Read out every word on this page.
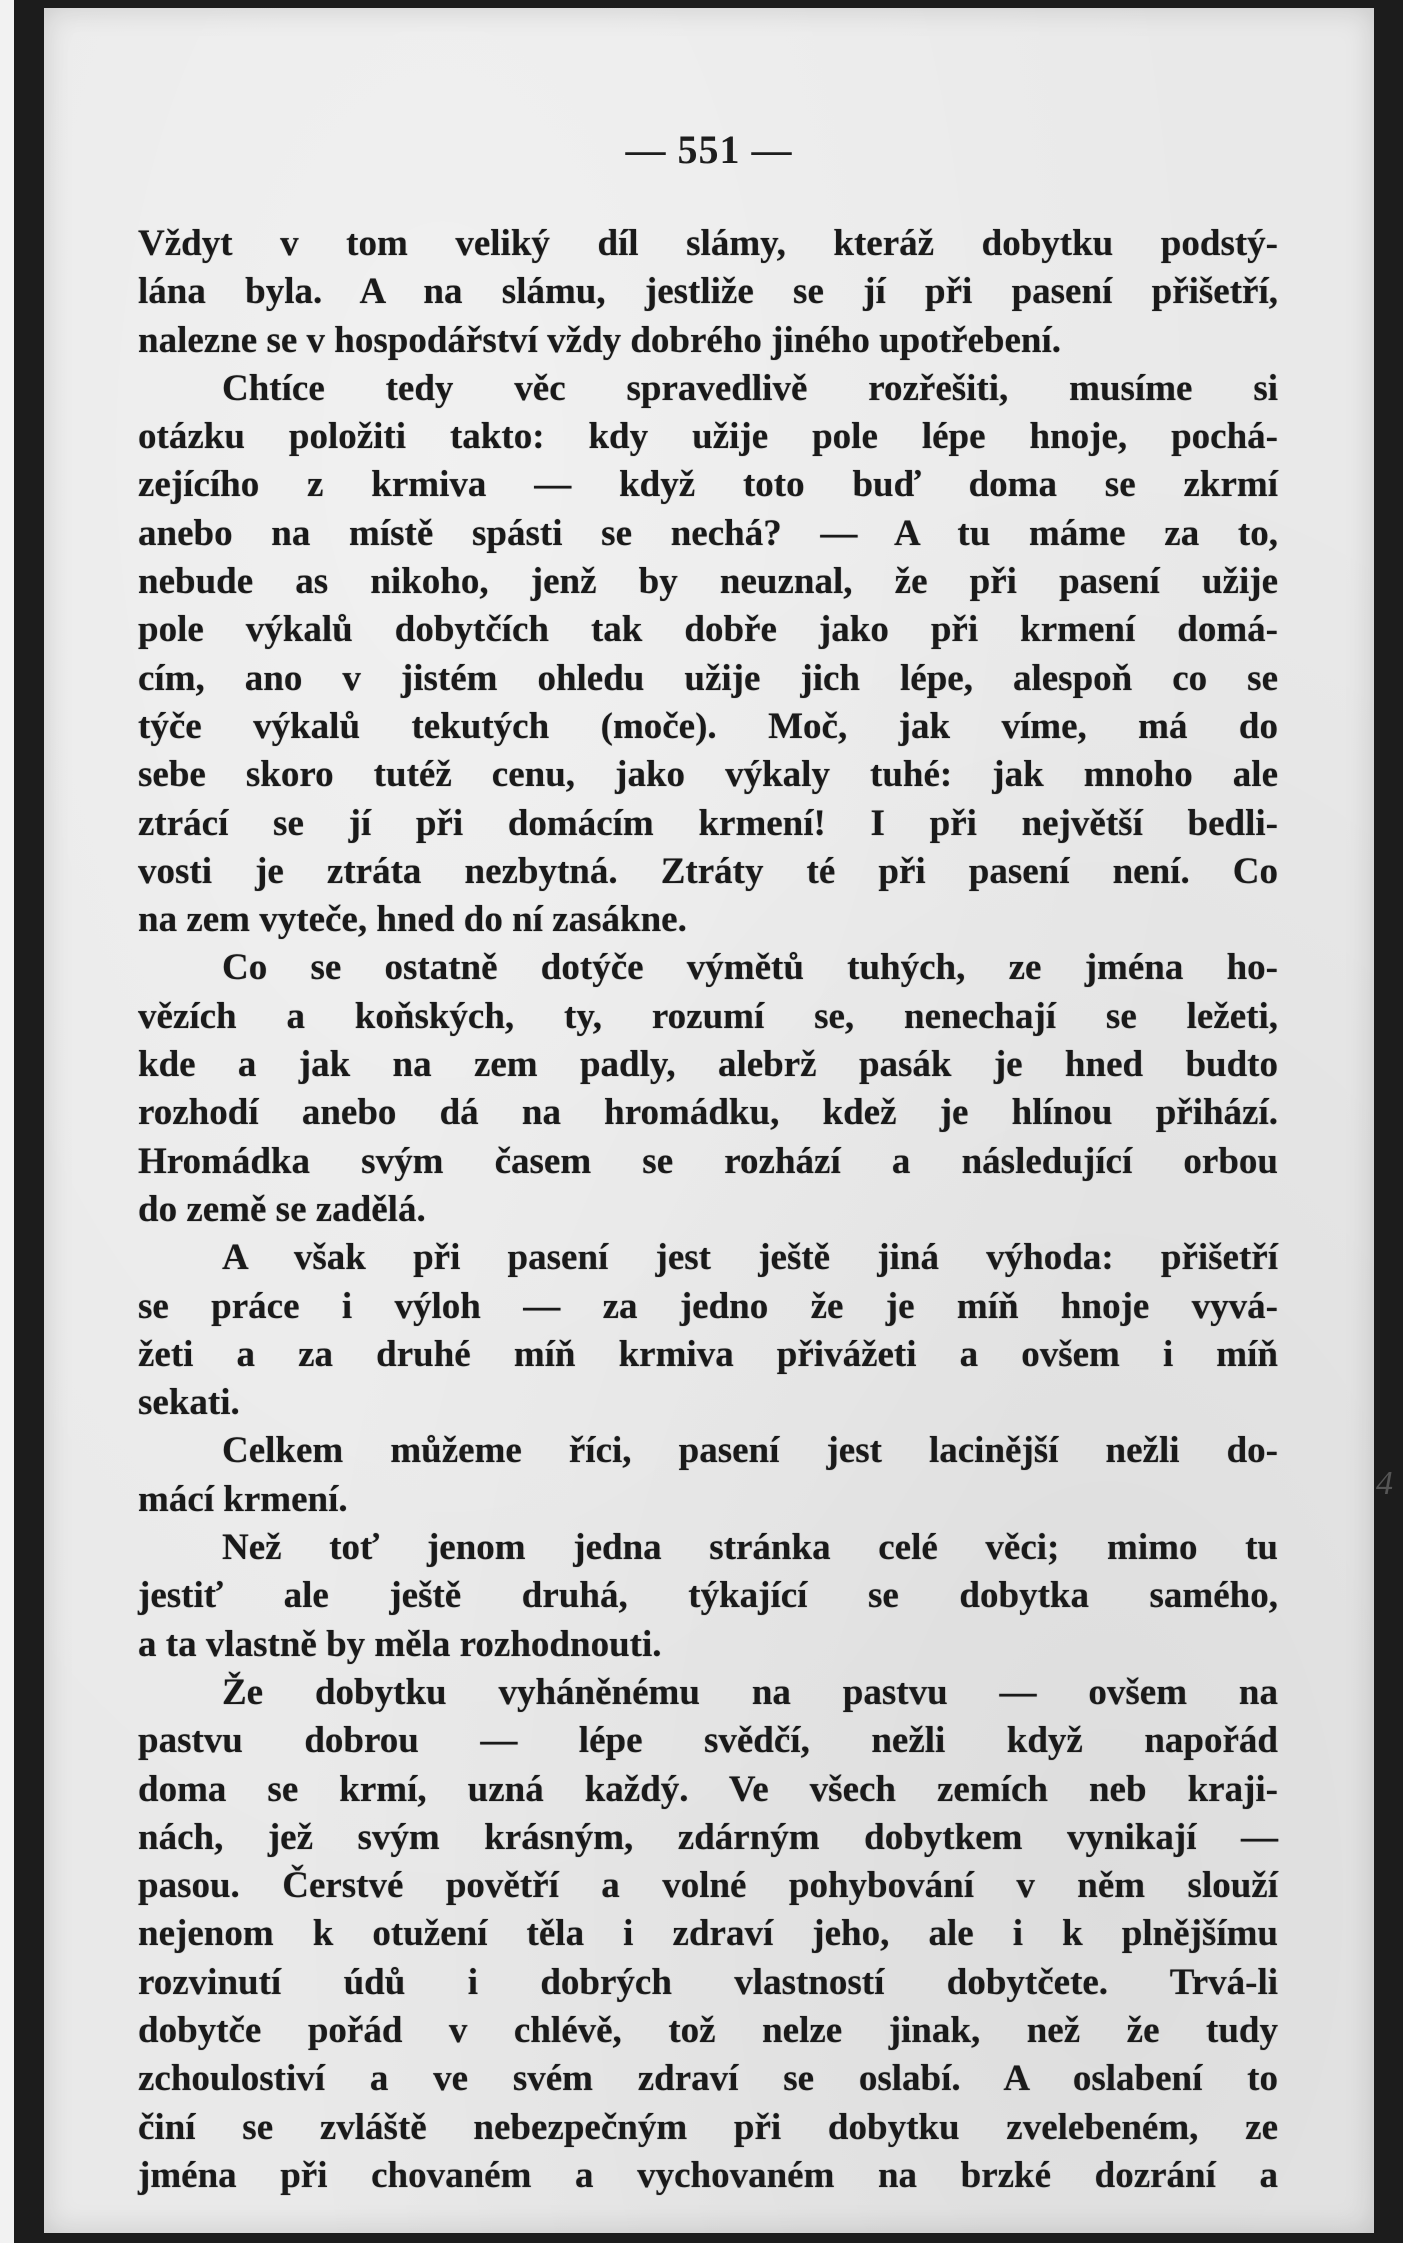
— 551 —
Vždyt v tom veliký díl slámy, kteráž dobytku podstý-
lána byla. A na slámu, jestliže se jí při pasení přišetří,
nalezne se v hospodářství vždy dobrého jiného upotřebení.
Chtíce tedy věc spravedlivě rozřešiti, musíme si
otázku položiti takto: kdy užije pole lépe hnoje, pochá-
zejícího z krmiva — když toto buď doma se zkrmí
anebo na místě spásti se nechá? — A tu máme za to,
nebude as nikoho, jenž by neuznal, že při pasení užije
pole výkalů dobytčích tak dobře jako při krmení domá-
cím, ano v jistém ohledu užije jich lépe, alespoň co se
týče výkalů tekutých (moče). Moč, jak víme, má do
sebe skoro tutéž cenu, jako výkaly tuhé: jak mnoho ale
ztrácí se jí při domácím krmení! I při největší bedli-
vosti je ztráta nezbytná. Ztráty té při pasení není. Co
na zem vyteče, hned do ní zasákne.
Co se ostatně dotýče výmětů tuhých, ze jména ho-
vězích a koňských, ty, rozumí se, nenechají se ležeti,
kde a jak na zem padly, alebrž pasák je hned budto
rozhodí anebo dá na hromádku, kdež je hlínou přihází.
Hromádka svým časem se rozhází a následující orbou
do země se zadělá.
A však při pasení jest ještě jiná výhoda: přišetří
se práce i výloh — za jedno že je míň hnoje vyvá-
žeti a za druhé míň krmiva přivážeti a ovšem i míň
sekati.
Celkem můžeme říci, pasení jest lacinější nežli do-
mácí krmení.
Než toť jenom jedna stránka celé věci; mimo tu
jestiť ale ještě druhá, týkající se dobytka samého,
a ta vlastně by měla rozhodnouti.
Že dobytku vyháněnému na pastvu — ovšem na
pastvu dobrou — lépe svědčí, nežli když napořád
doma se krmí, uzná každý. Ve všech zemích neb kraji-
nách, jež svým krásným, zdárným dobytkem vynikají —
pasou. Čerstvé povětří a volné pohybování v něm slouží
nejenom k otužení těla i zdraví jeho, ale i k plnějšímu
rozvinutí údů i dobrých vlastností dobytčete. Trvá-li
dobytče pořád v chlévě, tož nelze jinak, než že tudy
zchoulostiví a ve svém zdraví se oslabí. A oslabení to
činí se zvláště nebezpečným při dobytku zvelebeném, ze
jména při chovaném a vychovaném na brzké dozrání a
4
